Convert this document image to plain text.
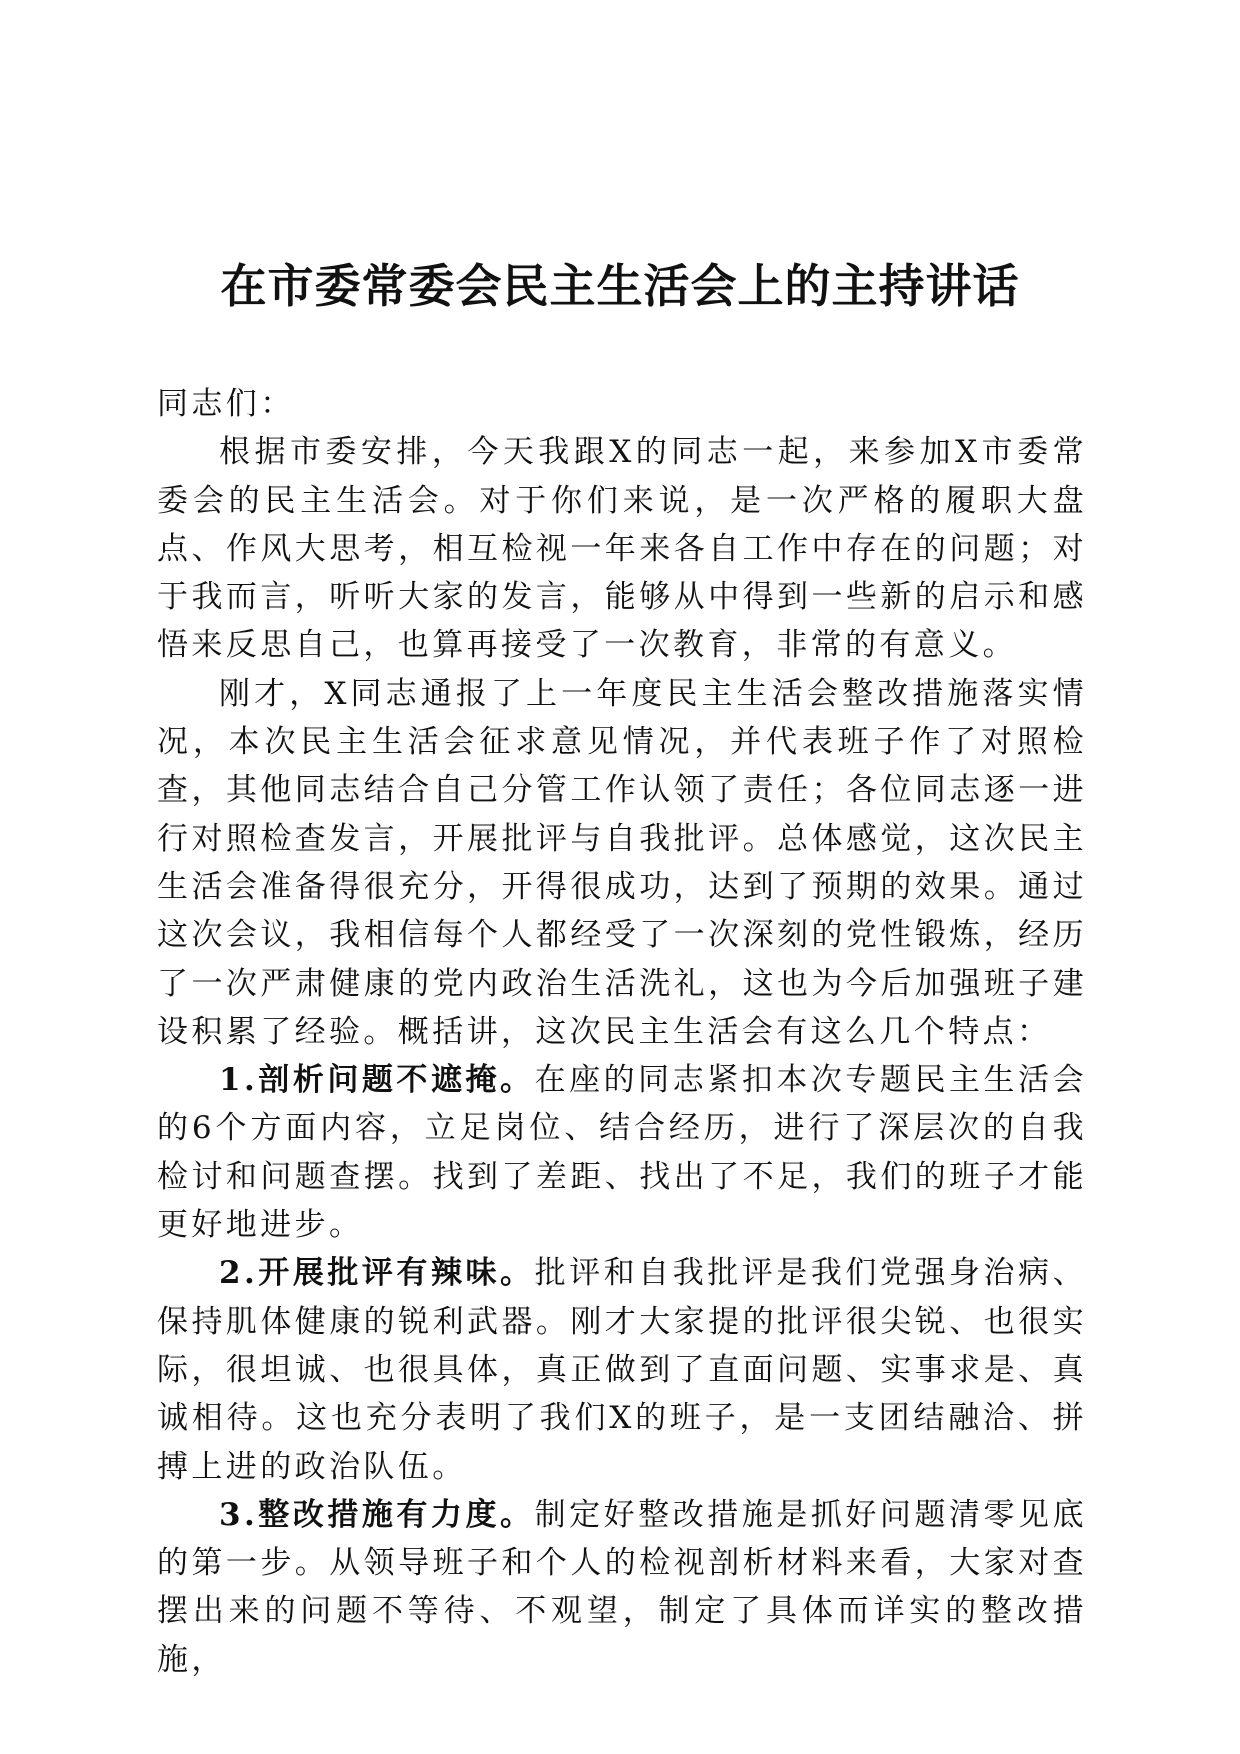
在市委常委会民主生活会上的主持讲话

同志们：

根据市委安排，今天我跟X的同志一起，来参加X市委常委会的民主生活会。对于你们来说，是一次严格的履职大盘点、作风大思考，相互检视一年来各自工作中存在的问题；对于我而言，听听大家的发言，能够从中得到一些新的启示和感悟来反思自己，也算再接受了一次教育，非常的有意义。

刚才，X同志通报了上一年度民主生活会整改措施落实情况，本次民主生活会征求意见情况，并代表班子作了对照检查，其他同志结合自己分管工作认领了责任；各位同志逐一进行对照检查发言，开展批评与自我批评。总体感觉，这次民主生活会准备得很充分，开得很成功，达到了预期的效果。通过这次会议，我相信每个人都经受了一次深刻的党性锻炼，经历了一次严肃健康的党内政治生活洗礼，这也为今后加强班子建设积累了经验。概括讲，这次民主生活会有这么几个特点：

1.剖析问题不遮掩。在座的同志紧扣本次专题民主生活会的6个方面内容，立足岗位、结合经历，进行了深层次的自我检讨和问题查摆。找到了差距、找出了不足，我们的班子才能更好地进步。

2.开展批评有辣味。批评和自我批评是我们党强身治病、保持肌体健康的锐利武器。刚才大家提的批评很尖锐、也很实际，很坦诚、也很具体，真正做到了直面问题、实事求是、真诚相待。这也充分表明了我们X的班子，是一支团结融洽、拼搏上进的政治队伍。

3.整改措施有力度。制定好整改措施是抓好问题清零见底的第一步。从领导班子和个人的检视剖析材料来看，大家对查摆出来的问题不等待、不观望，制定了具体而详实的整改措施，
